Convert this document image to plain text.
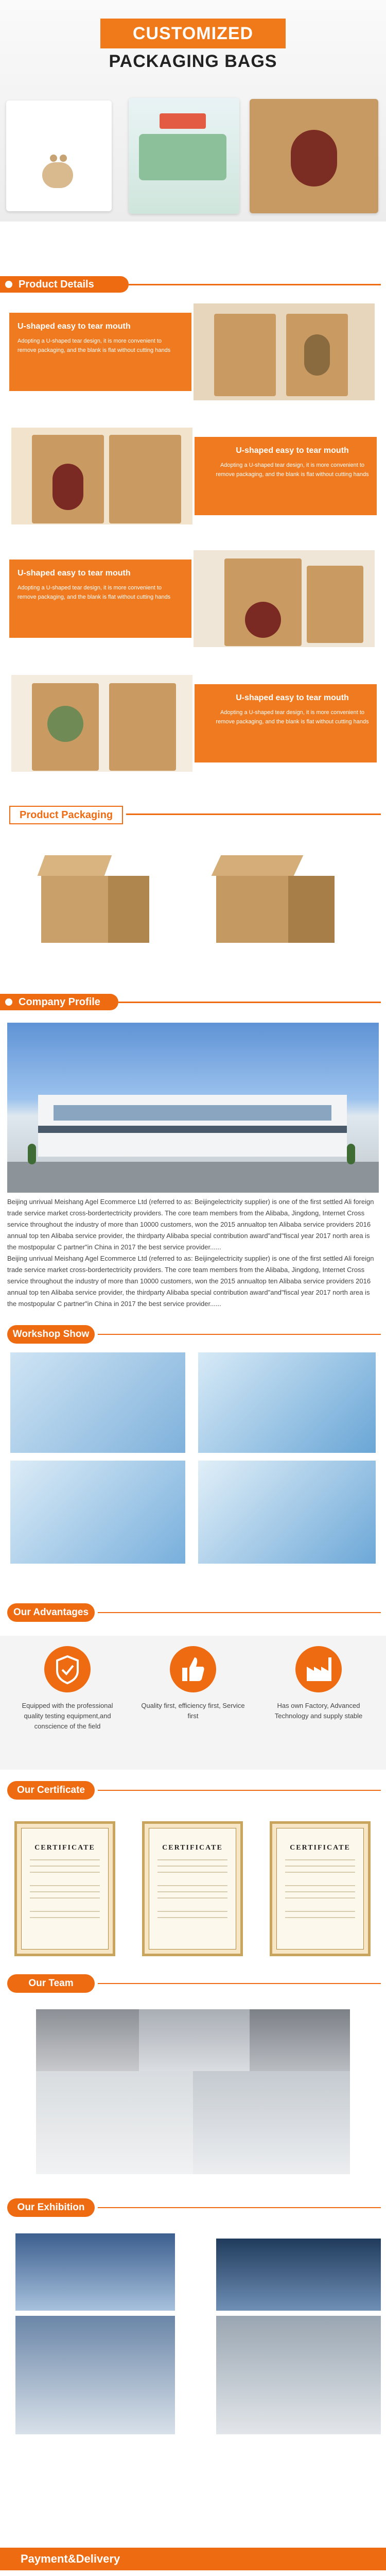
CUSTOMIZED
PACKAGING BAGS
Product Details
U-shaped easy to tear mouth
Adopting a U-shaped tear design, it is more convenient to remove packaging, and the blank is flat without cutting hands
U-shaped easy to tear mouth
Adopting a U-shaped tear design, it is more convenient to remove packaging, and the blank is flat without cutting hands
U-shaped easy to tear mouth
Adopting a U-shaped tear design, it is more convenient to remove packaging, and the blank is flat without cutting hands
U-shaped easy to tear mouth
Adopting a U-shaped tear design, it is more convenient to remove packaging, and the blank is flat without cutting hands
Product Packaging
Company Profile
Beijing unrivual Meishang Agel Ecommerce Ltd (referred to as: Beijingelectricity supplier) is one of the first settled Ali foreign trade service market cross-bordertectricity providers. The core team members from the Alibaba, Jingdong, Internet Cross service throughout the industry of more than 10000 customers, won the 2015 annualtop ten Alibaba service providers 2016 annual top ten Alibaba service provider, the thirdparty Alibaba special contribution award"and"fiscal year 2017 north area is the mostpopular C partner"in China in 2017 the best service provider......
Beijing unrivual Meishang Agel Ecommerce Ltd (referred to as: Beijingelectricity supplier) is one of the first settled Ali foreign trade service market cross-bordertectricity providers. The core team members from the Alibaba, Jingdong, Internet Cross service throughout the industry of more than 10000 customers, won the 2015 annualtop ten Alibaba service providers 2016 annual top ten Alibaba service provider, the thirdparty Alibaba special contribution award"and"fiscal year 2017 north area is the mostpopular C partner"in China in 2017 the best service provider......
Workshop Show
Our Advantages
Equipped with the professional quality testing equipment,and conscience of the field
Quality first, efficiency first, Service first
Has own Factory, Advanced Technology and supply stable
Our Certificate
CERTIFICATE	CERTIFICATE	CERTIFICATE
Our Team
Our Exhibition
Payment&Delivery
